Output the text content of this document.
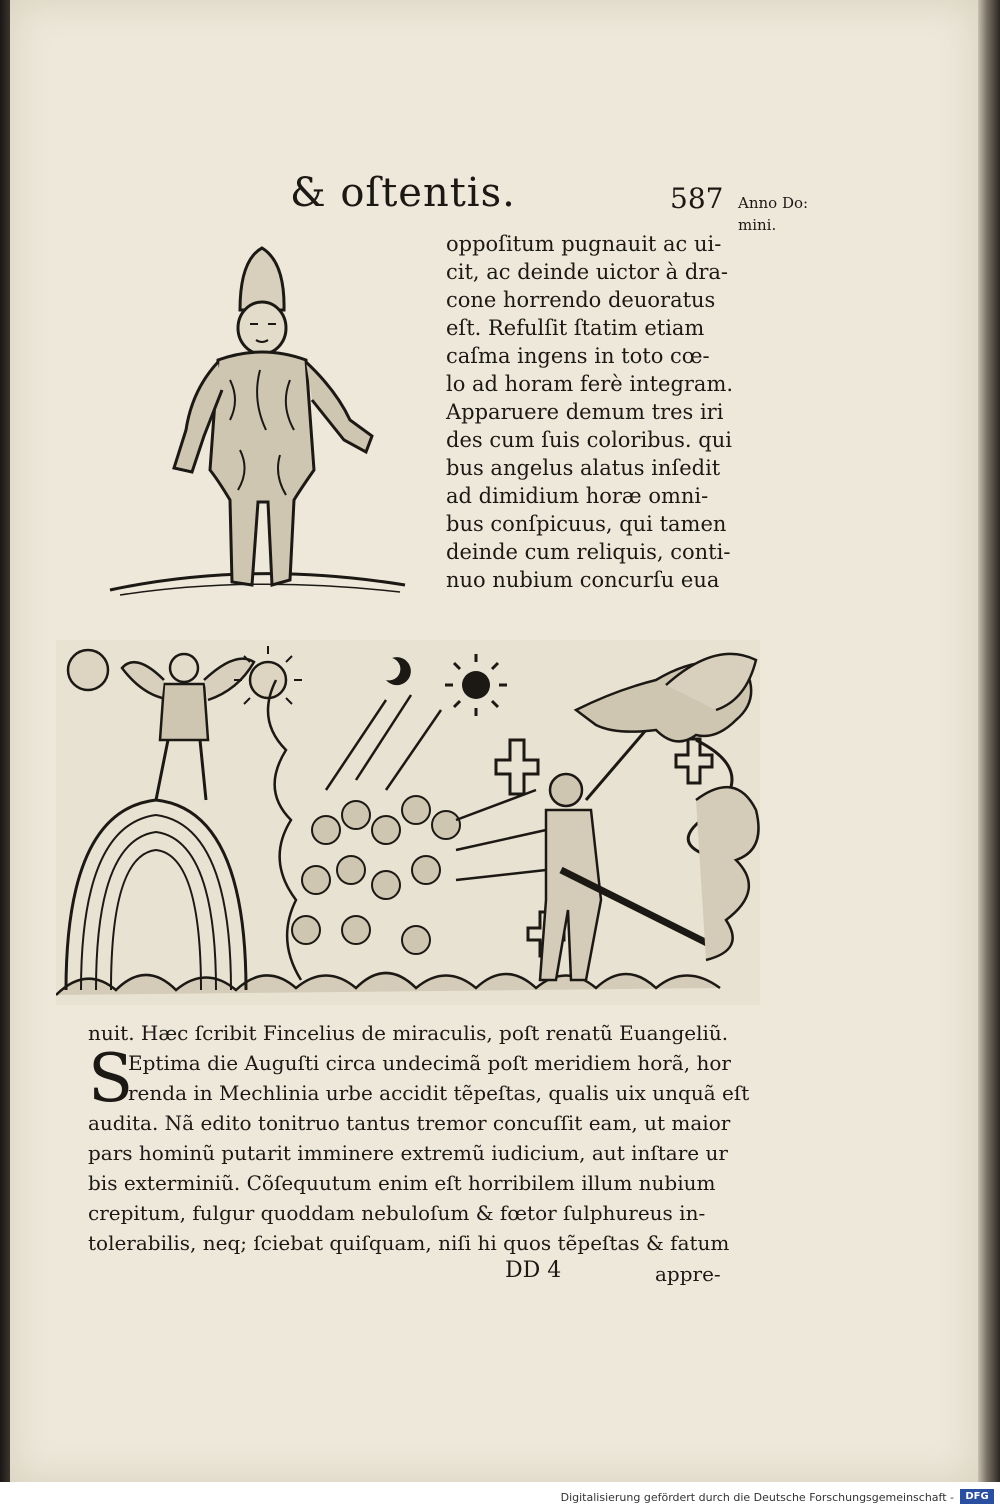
& oſtentis.	587 Anno Do:
mini.
oppoſitum pugnauit ac ui-
cit, ac deinde uictor à dra-
cone horrendo deuoratus
eſt. Refulſit ſtatim etiam
caſma ingens in toto cœ-
lo ad horam ferè integram.
Apparuere demum tres iri
des cum ſuis coloribus. qui
bus angelus alatus inſedit
ad dimidium horæ omni-
bus conſpicuus, qui tamen
deinde cum reliquis, conti-
nuo nubium concurſu eua
nuit. Hæc ſcribit Fincelius de miraculis, poſt renatũ Euangeliũ.
Eptima die Auguſti circa undecimã poſt meridiem horã, hor
renda in Mechlinia urbe accidit tẽpeſtas, qualis uix unquã eſt
audita. Nã edito tonitruo tantus tremor concuſſit eam, ut maior
pars hominũ putarit imminere extremũ iudicium, aut inſtare ur
bis exterminiũ. Cõſequutum enim eſt horribilem illum nubium
crepitum, fulgur quoddam nebuloſum & fœtor ſulphureus in-
tolerabilis, neq; ſciebat quiſquam, niſi hi quos tẽpeſtas & fatum
S
DD 4	appre-
Digitalisierung gefördert durch die Deutsche Forschungsgemeinschaft -	DFG
